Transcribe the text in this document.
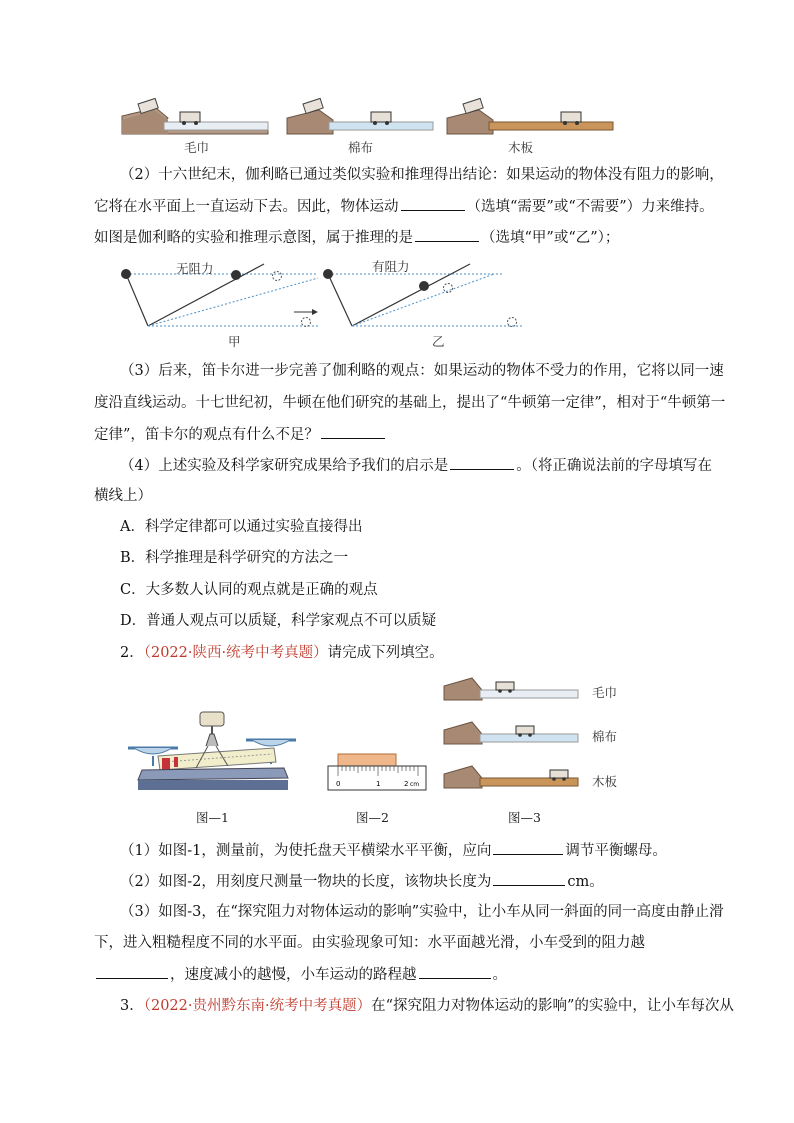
毛巾	棉布	木板
（2）十六世纪末，伽利略已通过类似实验和推理得出结论：如果运动的物体没有阻力的影响，
它将在水平面上一直运动下去。因此，物体运动	（选填“需要”或“不需要”）力来维持。
如图是伽利略的实验和推理示意图，属于推理的是	（选填“甲”或“乙”）；
无阻力	有阻力
甲	乙
（3）后来，笛卡尔进一步完善了伽利略的观点：如果运动的物体不受力的作用，它将以同一速
度沿直线运动。十七世纪初，牛顿在他们研究的基础上，提出了“牛顿第一定律”，相对于“牛顿第一
定律”，笛卡尔的观点有什么不足？
（4）上述实验及科学家研究成果给予我们的启示是	。（将正确说法前的字母填写在
横线上）
A．科学定律都可以通过实验直接得出
B．科学推理是科学研究的方法之一
C．大多数人认同的观点就是正确的观点
D．普通人观点可以质疑，科学家观点不可以质疑
2．（2022·陕西·统考中考真题）请完成下列填空。
0	1	2 cm
毛巾
棉布
木板
图—1	图—2	图—3
（1）如图-1，测量前，为使托盘天平横梁水平平衡，应向	调节平衡螺母。
（2）如图-2，用刻度尺测量一物块的长度，该物块长度为	cm。
（3）如图-3，在“探究阻力对物体运动的影响”实验中，让小车从同一斜面的同一高度由静止滑
下，进入粗糙程度不同的水平面。由实验现象可知：水平面越光滑，小车受到的阻力越
，速度减小的越慢，小车运动的路程越	。
3．（2022·贵州黔东南·统考中考真题）在“探究阻力对物体运动的影响”的实验中，让小车每次从
